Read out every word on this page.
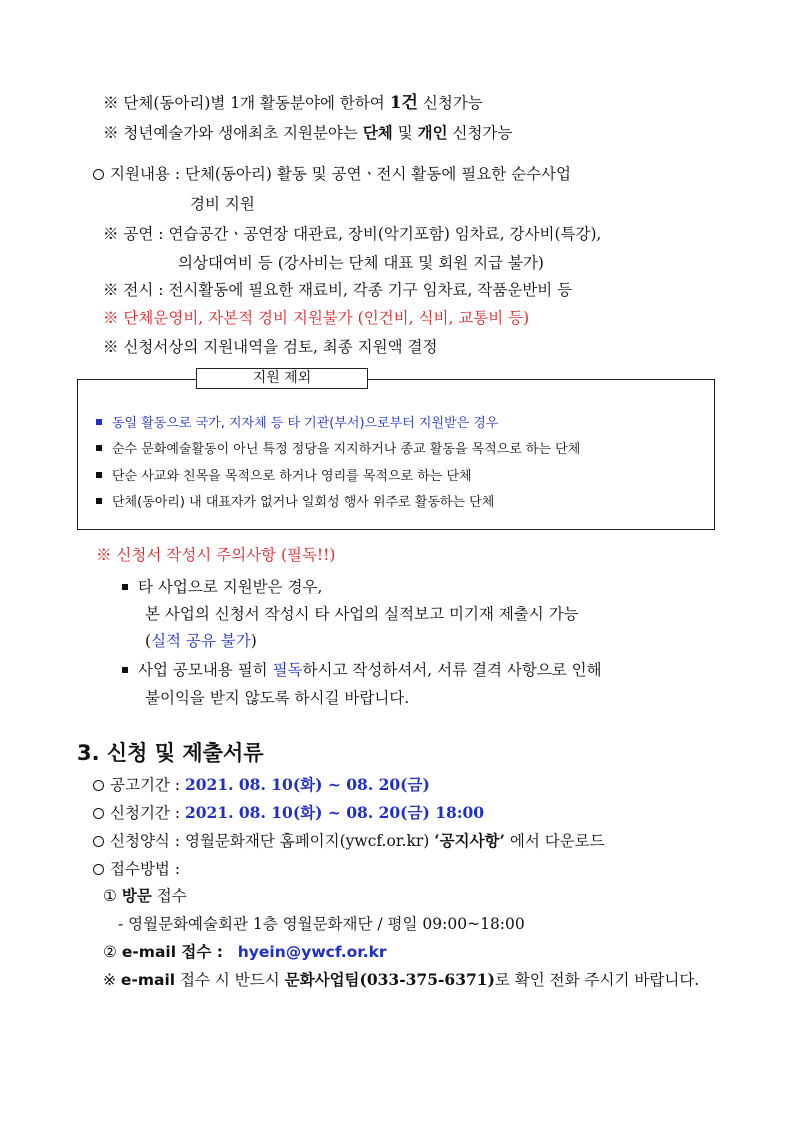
※ 단체(동아리)별 1개 활동분야에 한하여 1건 신청가능
※ 청년예술가와 생애최초 지원분야는 단체 및 개인 신청가능
지원내용 : 단체(동아리) 활동 및 공연ㆍ전시 활동에 필요한 순수사업
경비 지원
※ 공연 : 연습공간ㆍ공연장 대관료, 장비(악기포함) 임차료, 강사비(특강),
의상대여비 등 (강사비는 단체 대표 및 회원 지급 불가)
※ 전시 : 전시활동에 필요한 재료비, 각종 기구 임차료, 작품운반비 등
※ 단체운영비, 자본적 경비 지원불가 (인건비, 식비, 교통비 등)
※ 신청서상의 지원내역을 검토, 최종 지원액 결정
지원 제외
동일 활동으로 국가, 지자체 등 타 기관(부서)으로부터 지원받은 경우
순수 문화예술활동이 아닌 특정 정당을 지지하거나 종교 활동을 목적으로 하는 단체
단순 사교와 친목을 목적으로 하거나 영리를 목적으로 하는 단체
단체(동아리) 내 대표자가 없거나 일회성 행사 위주로 활동하는 단체
※ 신청서 작성시 주의사항 (필독!!)
타 사업으로 지원받은 경우,
본 사업의 신청서 작성시 타 사업의 실적보고 미기재 제출시 가능
(실적 공유 불가)
사업 공모내용 필히 필독하시고 작성하셔서, 서류 결격 사항으로 인해
불이익을 받지 않도록 하시길 바랍니다.
3. 신청 및 제출서류
공고기간 : 2021. 08. 10(화) ~ 08. 20(금)
신청기간 : 2021. 08. 10(화) ~ 08. 20(금) 18:00
신청양식 : 영월문화재단 홈페이지(ywcf.or.kr) ‘공지사항’ 에서 다운로드
접수방법 :
① 방문 접수
- 영월문화예술회관 1층 영월문화재단 / 평일 09:00~18:00
② e-mail 접수 : hyein@ywcf.or.kr
※ e-mail 접수 시 반드시 문화사업팀(033-375-6371)로 확인 전화 주시기 바랍니다.
